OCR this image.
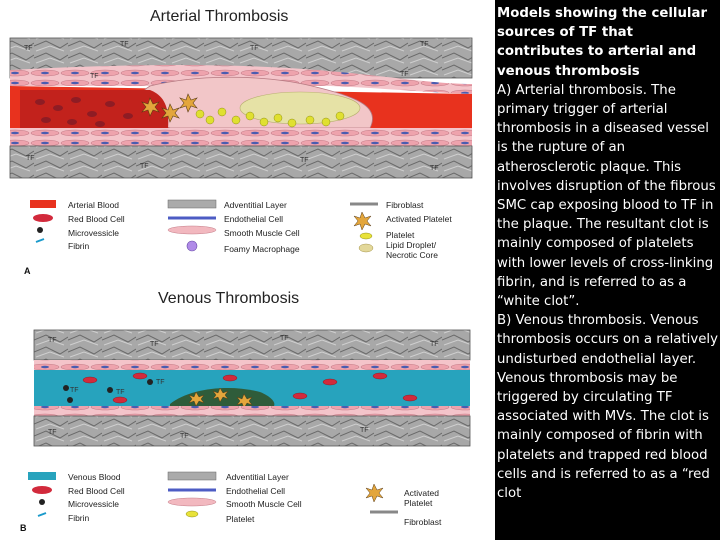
Arterial Thrombosis
Venous Thrombosis
TF
TF
TF
TF
TF
TF
TF
TF
TF	TF
Arterial Blood
Red Blood Cell
Microvessicle
Fibrin
Adventitial Layer
Endothelial Cell
Smooth Muscle Cell
Foamy Macrophage
Fibroblast
Activated Platelet
Platelet
Lipid Droplet/
Necrotic Core
A
TF
TF
TF
TF
TF	TF
TF
TF
TF
TF
Venous Blood
Red Blood Cell
Microvessicle
Fibrin
Adventitial Layer
Endothelial Cell
Smooth Muscle Cell
Platelet
Activated
Platelet
Fibroblast
B

Models showing the cellular sources of TF that contributes to arterial and venous thrombosis

A) Arterial thrombosis. The primary trigger of arterial thrombosis in a diseased vessel is the rupture of an atherosclerotic plaque. This involves disruption of the fibrous SMC cap exposing blood to TF in the plaque. The resultant clot is mainly composed of platelets with lower levels of cross-linking fibrin, and is referred to as a “white clot”.

B) Venous thrombosis. Venous thrombosis occurs on a relatively undisturbed endothelial layer. Venous thrombosis may be triggered by circulating TF associated with MVs. The clot is mainly composed of fibrin with platelets and trapped red blood cells and is referred to as a “red clot
